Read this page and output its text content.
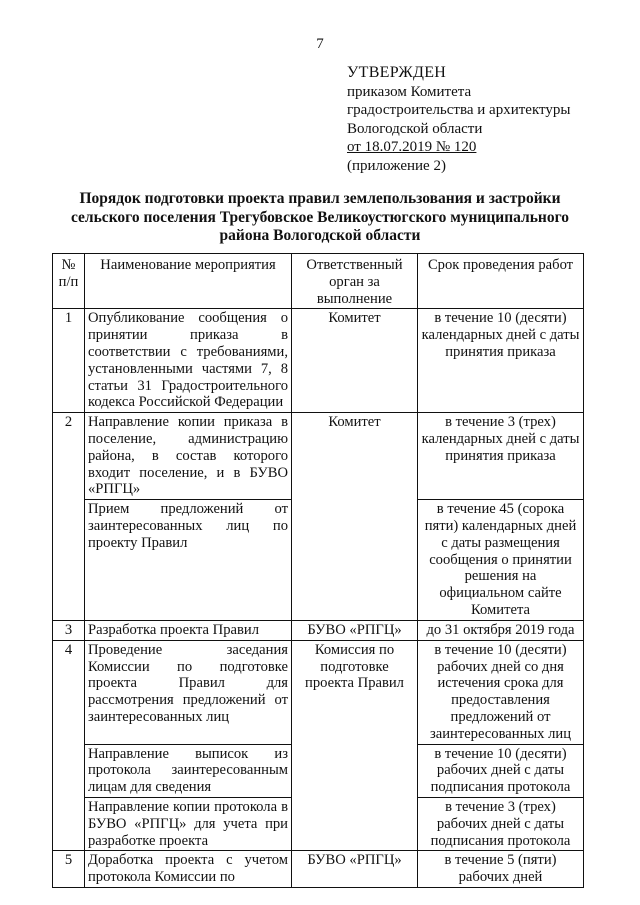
7
УТВЕРЖДЕН
приказом Комитета
градостроительства и архитектуры
Вологодской области
от 18.07.2019 № 120
(приложение 2)
Порядок подготовки проекта правил землепользования и застройки
сельского поселения Трегубовское Великоустюгского муниципального
района Вологодской области
№ п/п	Наименование мероприятия	Ответственный орган за выполнение	Срок проведения работ
1	Опубликование сообщения о принятии приказа в соответствии с требованиями, установленными частями 7, 8 статьи 31 Градостроительного кодекса Российской Федерации	Комитет	в течение 10 (десяти) календарных дней с даты принятия приказа
2	Направление копии приказа в поселение, администрацию района, в состав которого входит поселение, и в БУВО «РПГЦ»	Комитет	в течение 3 (трех) календарных дней с даты принятия приказа
	Прием предложений от заинтересованных лиц по проекту Правил		в течение 45 (сорока пяти) календарных дней с даты размещения сообщения о принятии решения на официальном сайте Комитета
3	Разработка проекта Правил	БУВО «РПГЦ»	до 31 октября 2019 года
4	Проведение заседания Комиссии по подготовке проекта Правил для рассмотрения предложений от заинтересованных лиц	Комиссия по подготовке проекта Правил	в течение 10 (десяти) рабочих дней со дня истечения срока для предоставления предложений от заинтересованных лиц
	Направление выписок из протокола заинтересованным лицам для сведения		в течение 10 (десяти) рабочих дней с даты подписания протокола
	Направление копии протокола в БУВО «РПГЦ» для учета при разработке проекта		в течение 3 (трех) рабочих дней с даты подписания протокола
5	Доработка проекта с учетом протокола Комиссии по	БУВО «РПГЦ»	в течение 5 (пяти) рабочих дней
